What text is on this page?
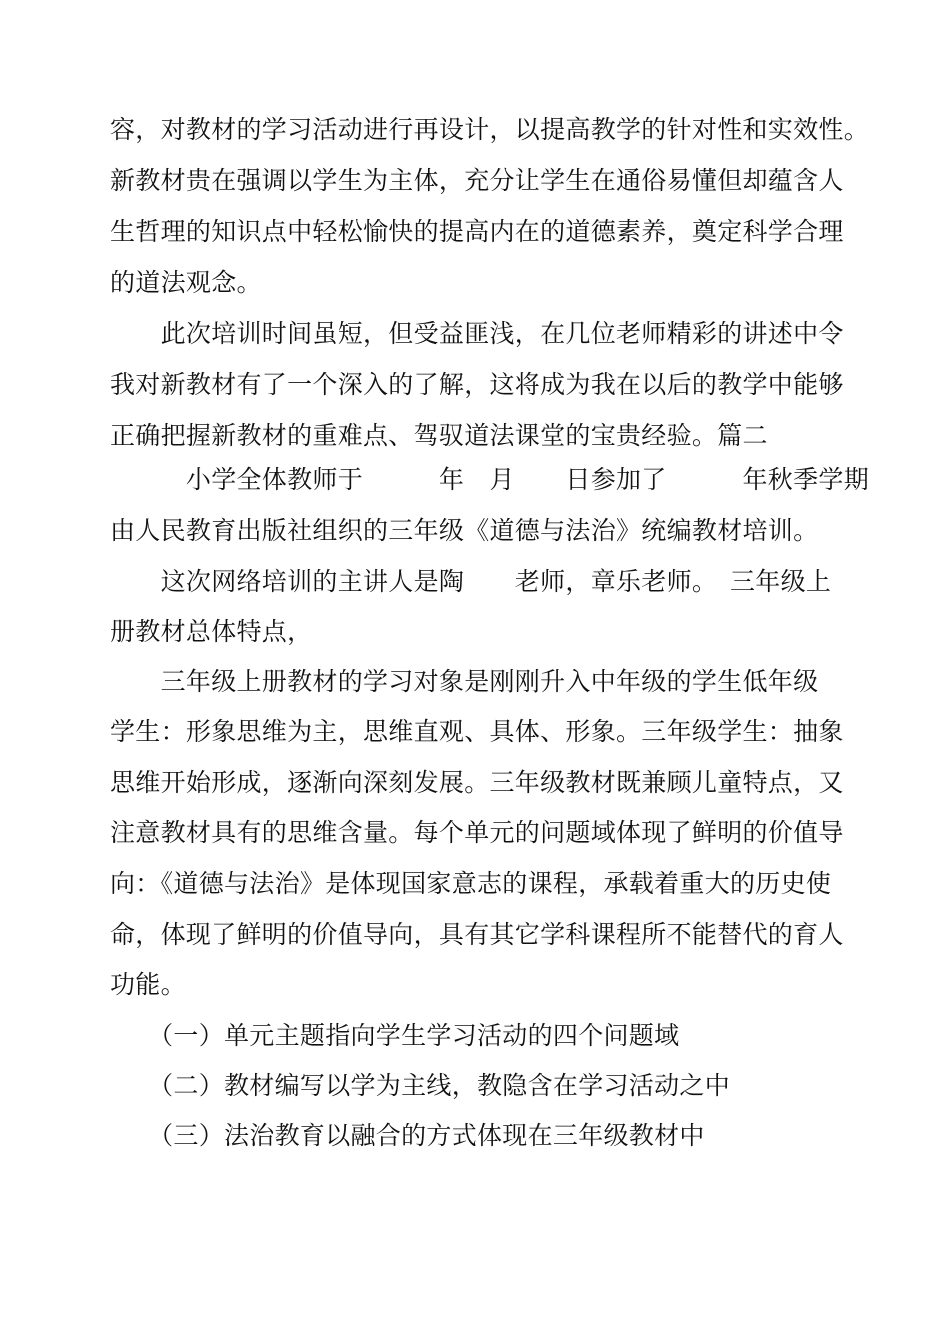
容，对教材的学习活动进行再设计，以提高教学的针对性和实效性。
新教材贵在强调以学生为主体，充分让学生在通俗易懂但却蕴含人
生哲理的知识点中轻松愉快的提高内在的道德素养，奠定科学合理
的道法观念。
　　此次培训时间虽短，但受益匪浅，在几位老师精彩的讲述中令
我对新教材有了一个深入的了解，这将成为我在以后的教学中能够
正确把握新教材的重难点、驾驭道法课堂的宝贵经验。篇二
　　　小学全体教师于　　　年　月　　日参加了　　　年秋季学期
由人民教育出版社组织的三年级《道德与法治》统编教材培训。
　　这次网络培训的主讲人是陶　　老师，章乐老师。　三年级上
册教材总体特点，
　　三年级上册教材的学习对象是刚刚升入中年级的学生低年级
学生：形象思维为主，思维直观、具体、形象。三年级学生：抽象
思维开始形成，逐渐向深刻发展。三年级教材既兼顾儿童特点，又
注意教材具有的思维含量。每个单元的问题域体现了鲜明的价值导
向：《道德与法治》是体现国家意志的课程，承载着重大的历史使
命，体现了鲜明的价值导向，具有其它学科课程所不能替代的育人
功能。
　　（一）单元主题指向学生学习活动的四个问题域
　　（二）教材编写以学为主线，教隐含在学习活动之中
　　（三）法治教育以融合的方式体现在三年级教材中
